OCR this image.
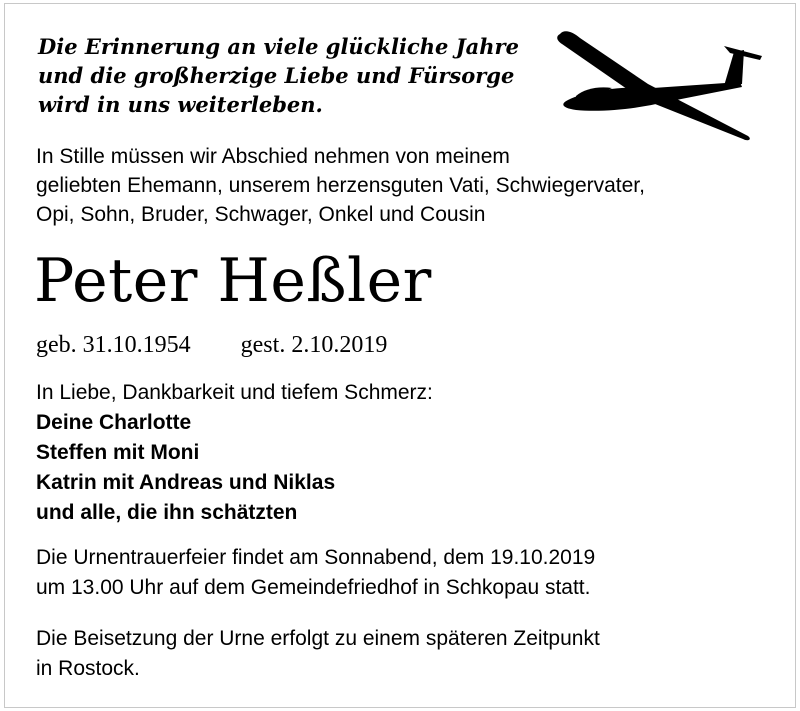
Die Erinnerung an viele glückliche Jahre
und die großherzige Liebe und Fürsorge
wird in uns weiterleben.
In Stille müssen wir Abschied nehmen von meinem
geliebten Ehemann, unserem herzensguten Vati, Schwiegervater,
Opi, Sohn, Bruder, Schwager, Onkel und Cousin
Peter Heßler
geb. 31.10.1954 gest. 2.10.2019
In Liebe, Dankbarkeit und tiefem Schmerz:
Deine Charlotte
Steffen mit Moni
Katrin mit Andreas und Niklas
und alle, die ihn schätzten
Die Urnentrauerfeier findet am Sonnabend, dem 19.10.2019
um 13.00 Uhr auf dem Gemeindefriedhof in Schkopau statt.
Die Beisetzung der Urne erfolgt zu einem späteren Zeitpunkt
in Rostock.
